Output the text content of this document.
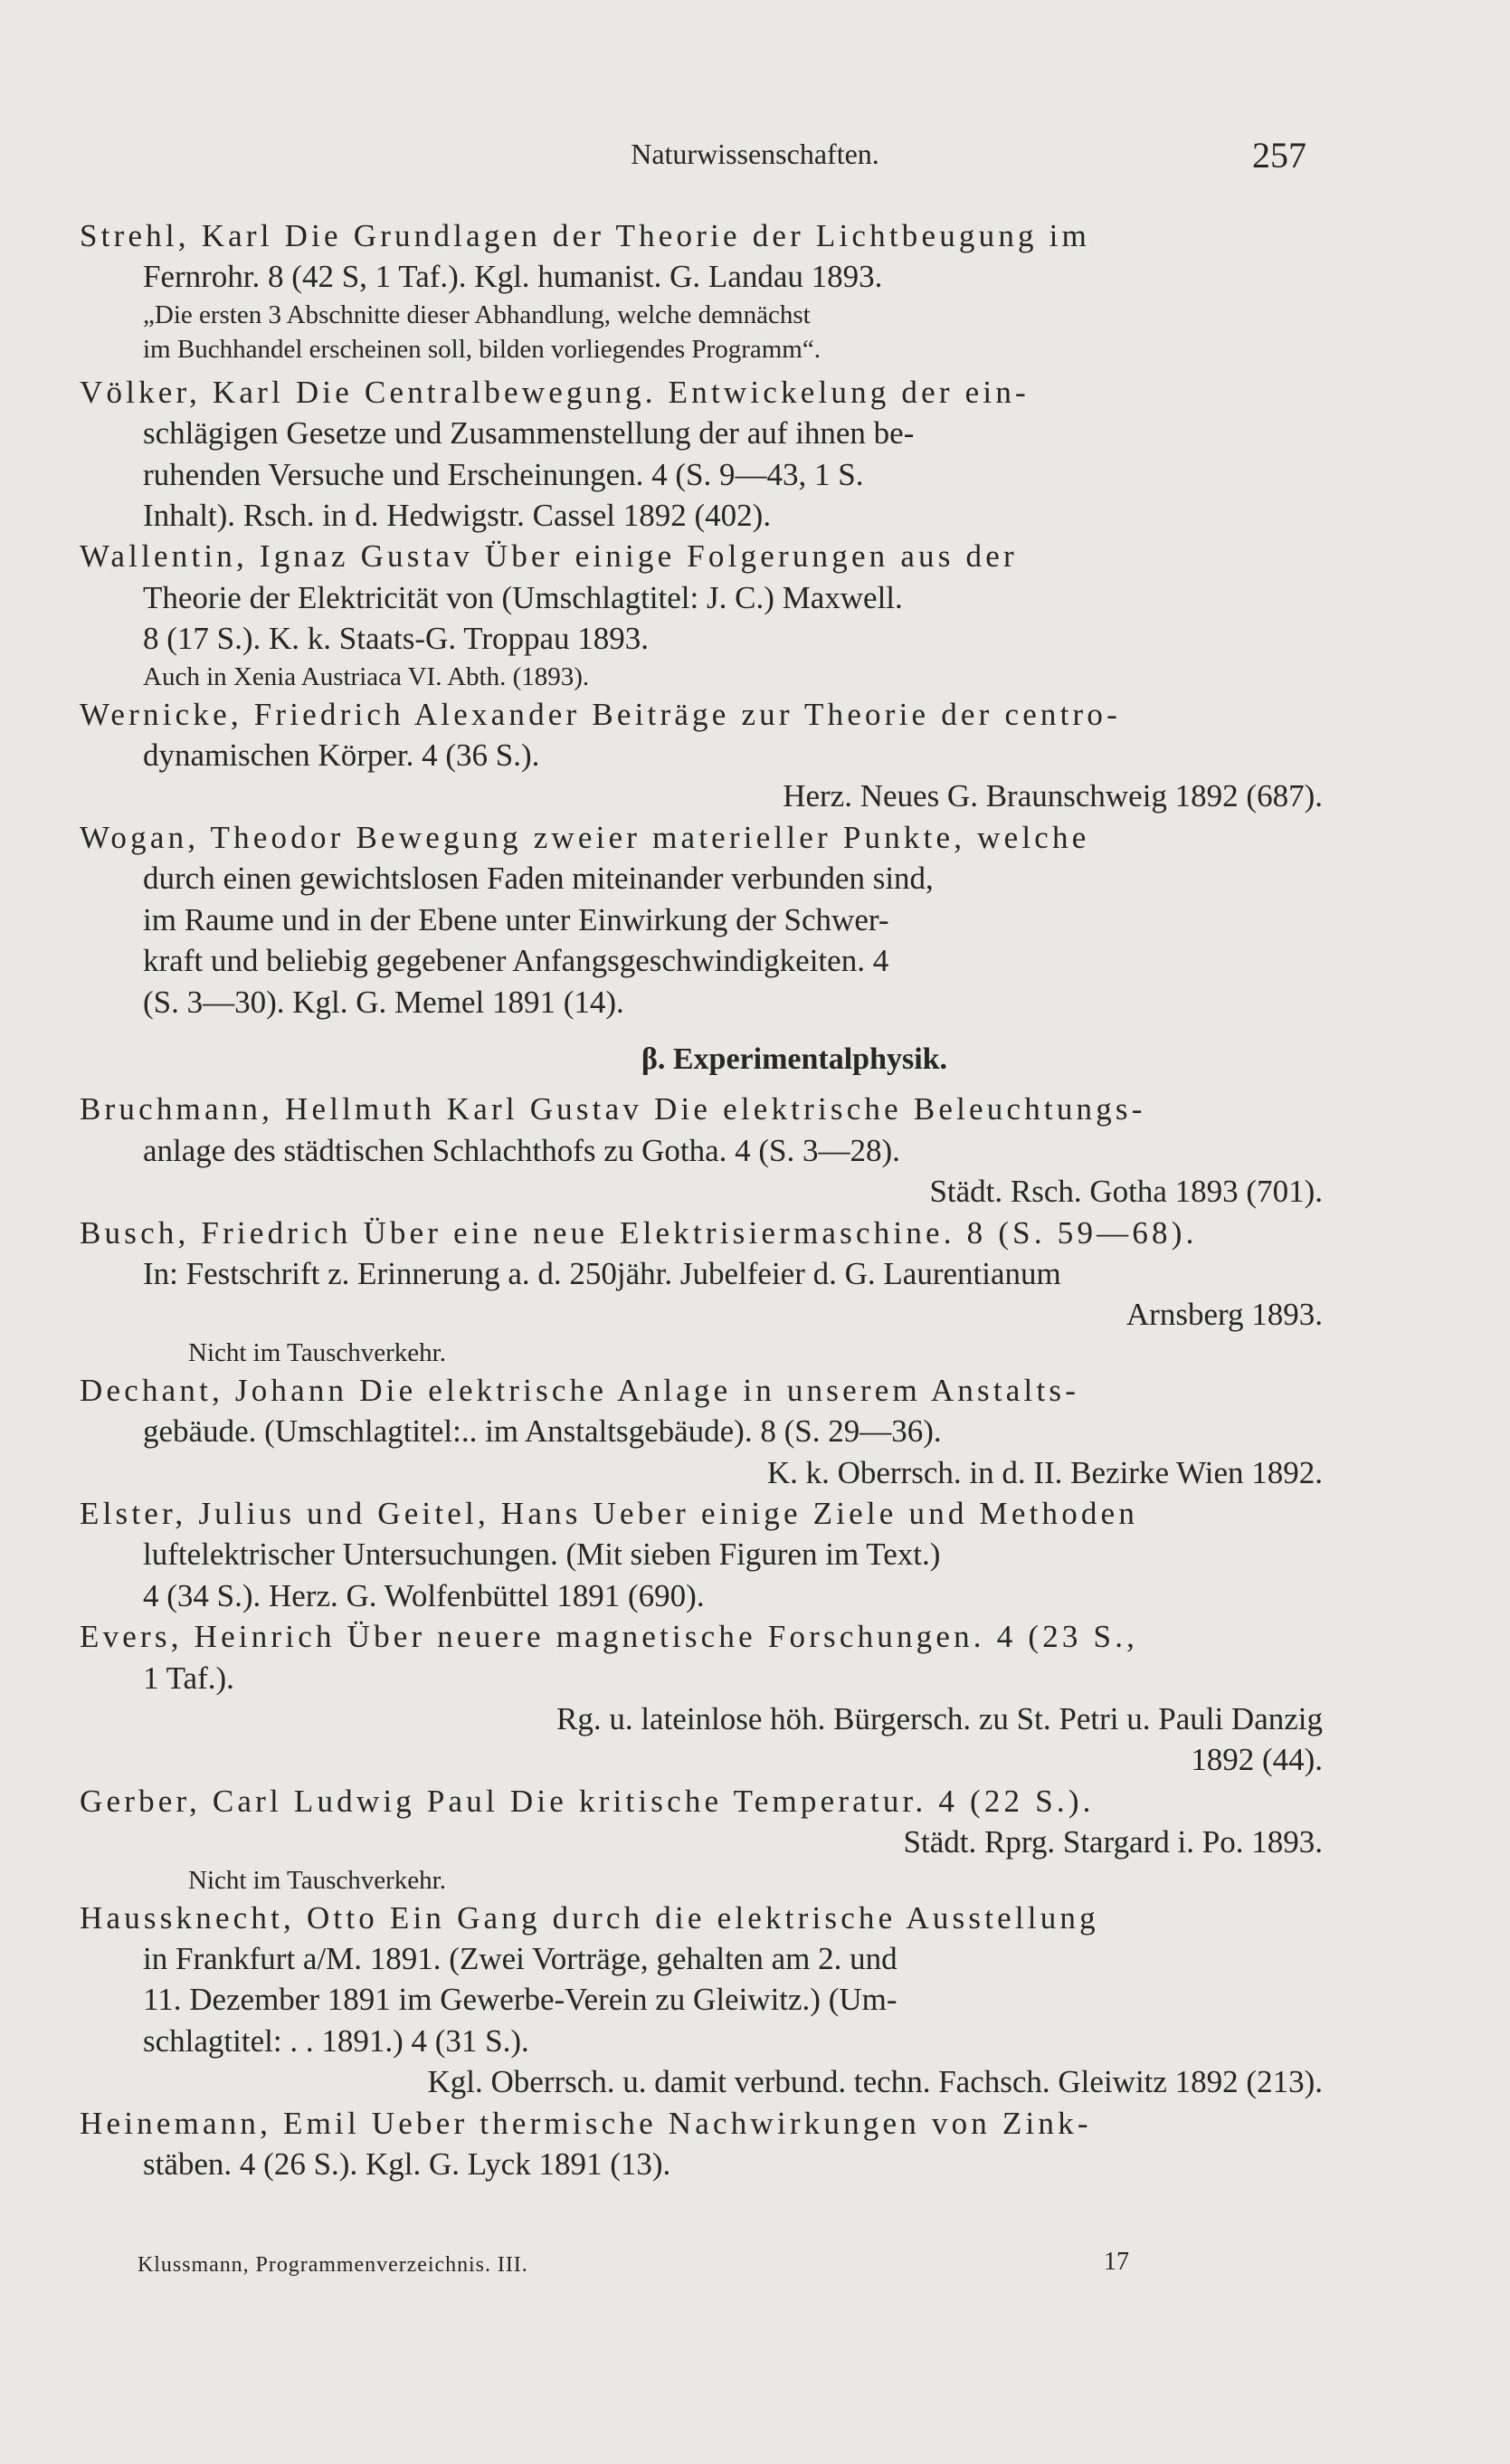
Naturwissenschaften.	257
Strehl, Karl Die Grundlagen der Theorie der Lichtbeugung im
Fernrohr. 8 (42 S, 1 Taf.). Kgl. humanist. G. Landau 1893.
„Die ersten 3 Abschnitte dieser Abhandlung, welche demnächst
im Buchhandel erscheinen soll, bilden vorliegendes Programm“.
Völker, Karl Die Centralbewegung. Entwickelung der ein-
schlägigen Gesetze und Zusammenstellung der auf ihnen be-
ruhenden Versuche und Erscheinungen. 4 (S. 9—43, 1 S.
Inhalt). Rsch. in d. Hedwigstr. Cassel 1892 (402).
Wallentin, Ignaz Gustav Über einige Folgerungen aus der
Theorie der Elektricität von (Umschlagtitel: J. C.) Maxwell.
8 (17 S.). K. k. Staats-G. Troppau 1893.
Auch in Xenia Austriaca VI. Abth. (1893).
Wernicke, Friedrich Alexander Beiträge zur Theorie der centro-
dynamischen Körper. 4 (36 S.).
Herz. Neues G. Braunschweig 1892 (687).
Wogan, Theodor Bewegung zweier materieller Punkte, welche
durch einen gewichtslosen Faden miteinander verbunden sind,
im Raume und in der Ebene unter Einwirkung der Schwer-
kraft und beliebig gegebener Anfangsgeschwindigkeiten. 4
(S. 3—30). Kgl. G. Memel 1891 (14).
β. Experimentalphysik.
Bruchmann, Hellmuth Karl Gustav Die elektrische Beleuchtungs-
anlage des städtischen Schlachthofs zu Gotha. 4 (S. 3—28).
Städt. Rsch. Gotha 1893 (701).
Busch, Friedrich Über eine neue Elektrisiermaschine. 8 (S. 59—68).
In: Festschrift z. Erinnerung a. d. 250jähr. Jubelfeier d. G. Laurentianum
Arnsberg 1893.
Nicht im Tauschverkehr.
Dechant, Johann Die elektrische Anlage in unserem Anstalts-
gebäude. (Umschlagtitel:.. im Anstaltsgebäude). 8 (S. 29—36).
K. k. Oberrsch. in d. II. Bezirke Wien 1892.
Elster, Julius und Geitel, Hans Ueber einige Ziele und Methoden
luftelektrischer Untersuchungen. (Mit sieben Figuren im Text.)
4 (34 S.). Herz. G. Wolfenbüttel 1891 (690).
Evers, Heinrich Über neuere magnetische Forschungen. 4 (23 S.,
1 Taf.).
Rg. u. lateinlose höh. Bürgersch. zu St. Petri u. Pauli Danzig
1892 (44).
Gerber, Carl Ludwig Paul Die kritische Temperatur. 4 (22 S.).
Städt. Rprg. Stargard i. Po. 1893.
Nicht im Tauschverkehr.
Haussknecht, Otto Ein Gang durch die elektrische Ausstellung
in Frankfurt a/M. 1891. (Zwei Vorträge, gehalten am 2. und
11. Dezember 1891 im Gewerbe-Verein zu Gleiwitz.) (Um-
schlagtitel: . . 1891.) 4 (31 S.).
Kgl. Oberrsch. u. damit verbund. techn. Fachsch. Gleiwitz 1892 (213).
Heinemann, Emil Ueber thermische Nachwirkungen von Zink-
stäben. 4 (26 S.). Kgl. G. Lyck 1891 (13).
Klussmann, Programmenverzeichnis. III.	17
